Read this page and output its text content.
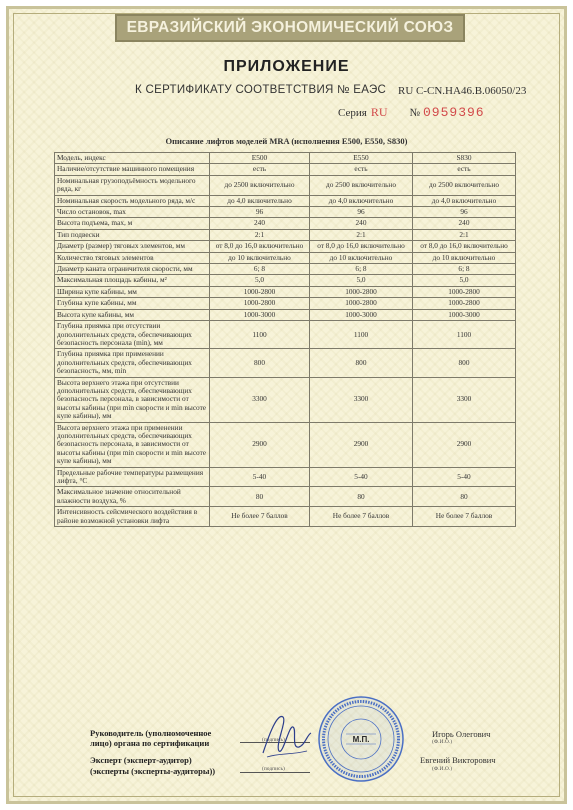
ЕВРАЗИЙСКИЙ ЭКОНОМИЧЕСКИЙ СОЮЗ
ПРИЛОЖЕНИЕ
К СЕРТИФИКАТУ СООТВЕТСТВИЯ № ЕАЭС RU C-CN.НА46.В.06050/23
Серия RU № 0959396
Описание лифтов моделей MRA (исполнения E500, E550, S830)
Модель, индекс	E500	E550	S830
Наличие/отсутствие машинного помещения	есть	есть	есть
Номинальная грузоподъёмность модельного ряда, кг	до 2500 включительно	до 2500 включительно	до 2500 включительно
Номинальная скорость модельного ряда, м/с	до 4,0 включительно	до 4,0 включительно	до 4,0 включительно
Число остановок, max	96	96	96
Высота подъема, max, м	240	240	240
Тип подвески	2:1	2:1	2:1
Диаметр (размер) тяговых элементов, мм	от 8,0 до 16,0 включительно	от 8,0 до 16,0 включительно	от 8,0 до 16,0 включительно
Количество тяговых элементов	до 10 включительно	до 10 включительно	до 10 включительно
Диаметр каната ограничителя скорости, мм	6; 8	6; 8	6; 8
Максимальная площадь кабины, м²	5,0	5,0	5,0
Ширина купе кабины, мм	1000-2800	1000-2800	1000-2800
Глубина купе кабины, мм	1000-2800	1000-2800	1000-2800
Высота купе кабины, мм	1000-3000	1000-3000	1000-3000
Глубина приямка при отсутствии дополнительных средств, обеспечивающих безопасность персонала (min), мм	1100	1100	1100
Глубина приямка при применении дополнительных средств, обеспечивающих безопасность, мм, min	800	800	800
Высота верхнего этажа при отсутствии дополнительных средств, обеспечивающих безопасность персонала, в зависимости от высоты кабины (при min скорости и min высоте купе кабины), мм	3300	3300	3300
Высота верхнего этажа при применении дополнительных средств, обеспечивающих безопасность персонала, в зависимости от высоты кабины (при min скорости и min высоте купе кабины), мм	2900	2900	2900
Предельные рабочие температуры размещения лифта, °С	5-40	5-40	5-40
Максимальное значение относительной влажности воздуха, %	80	80	80
Интенсивность сейсмического воздействия в районе возможной установки лифта	Не более 7 баллов	Не более 7 баллов	Не более 7 баллов
Руководитель (уполномоченное
лицо) органа по сертификации
Эксперт (эксперт-аудитор)
(эксперты (эксперты-аудиторы))
(подпись)
(подпись)
Игорь Олегович
(Ф.И.О.)
Евгений Викторович
(Ф.И.О.)
М.П.
